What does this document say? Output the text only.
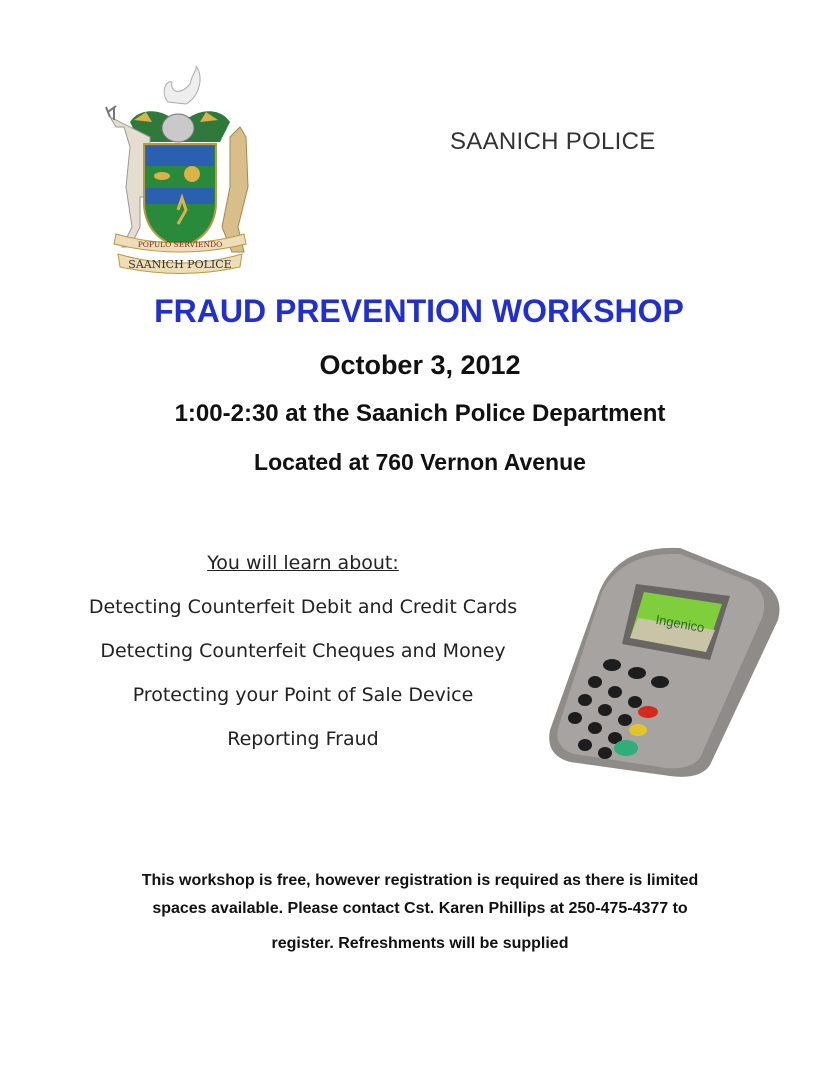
POPULO SERVIENDO
SAANICH POLICE
SAANICH POLICE
FRAUD PREVENTION WORKSHOP
October 3, 2012
1:00-2:30 at the Saanich Police Department
Located at 760 Vernon Avenue
You will learn about:
Detecting Counterfeit Debit and Credit Cards
Detecting Counterfeit Cheques and Money
Protecting your Point of Sale Device
Reporting Fraud
Ingenico
This workshop is free, however registration is required as there is limited
spaces available. Please contact Cst. Karen Phillips at 250-475-4377 to
register. Refreshments will be supplied
